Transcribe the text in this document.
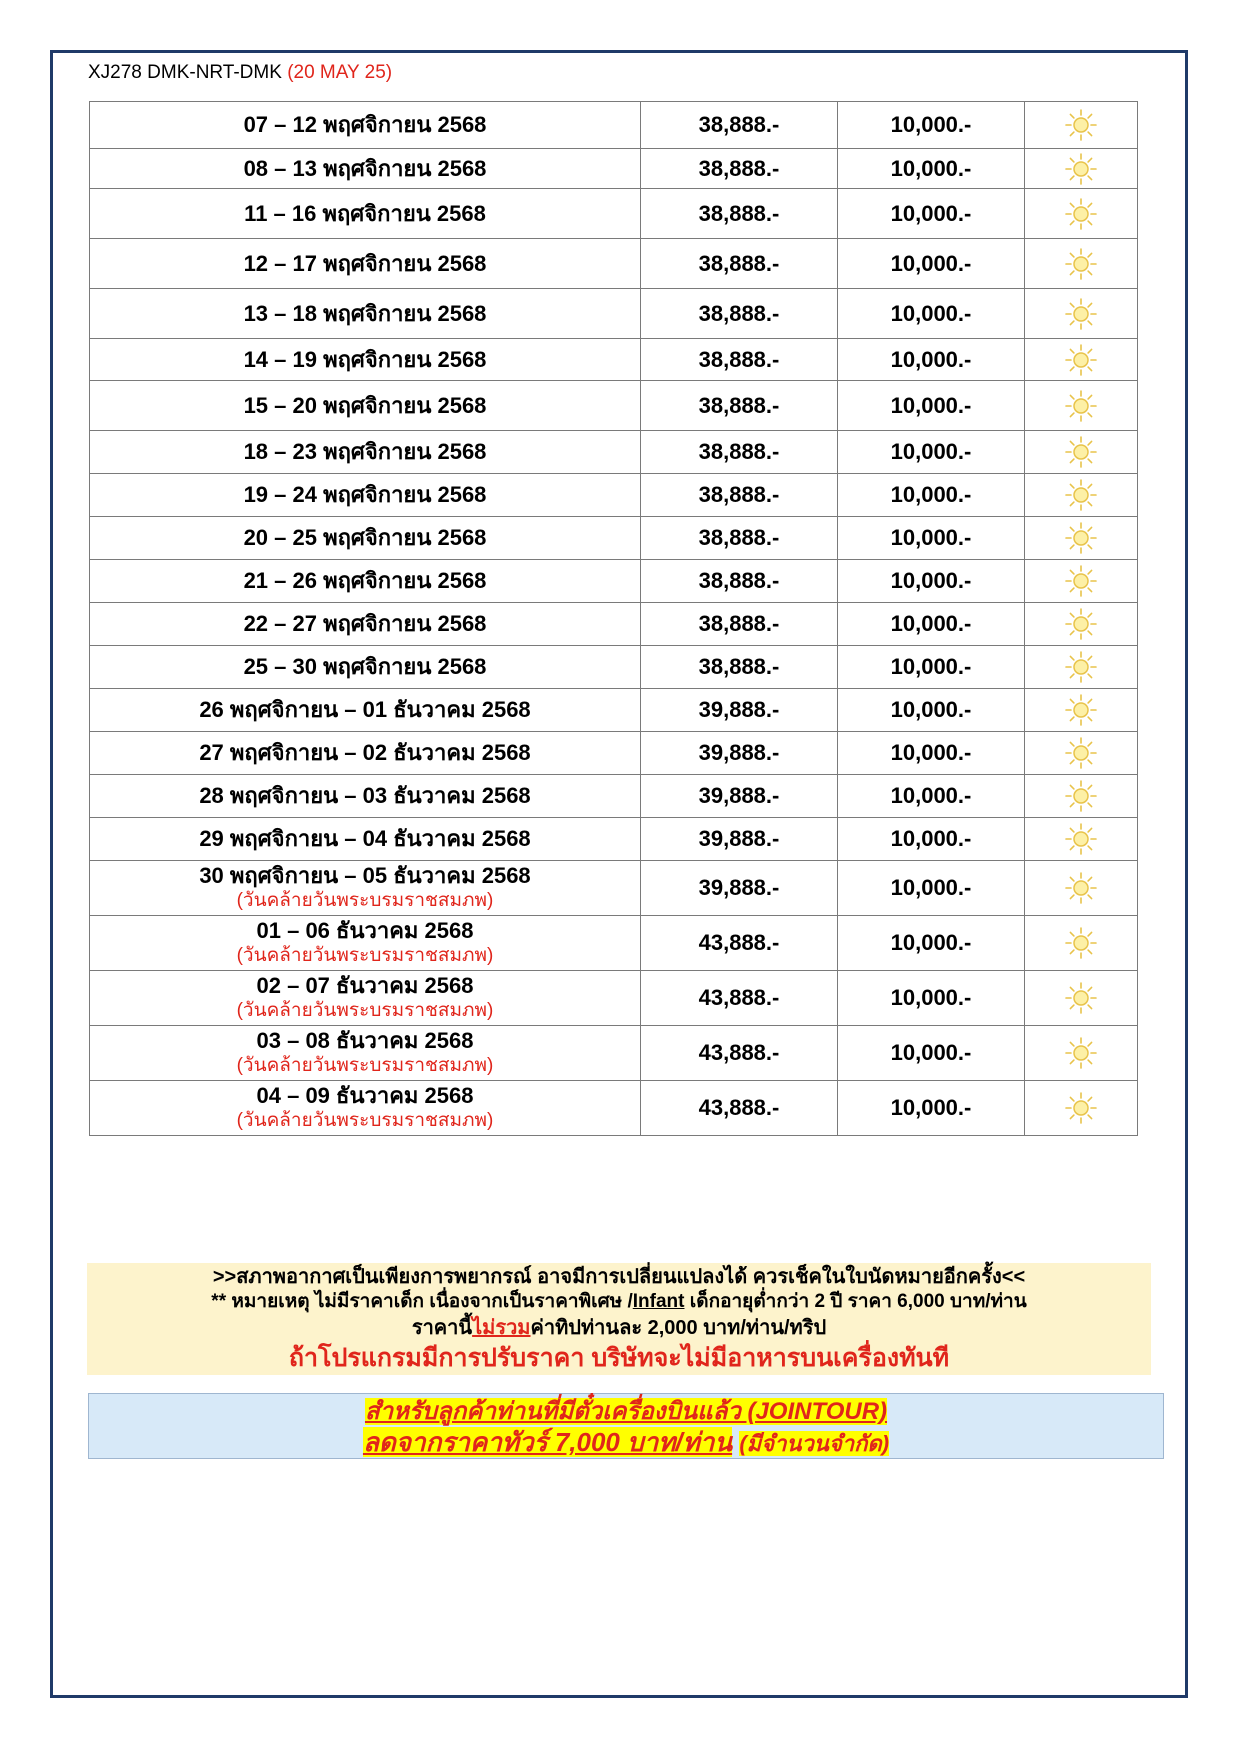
XJ278 DMK-NRT-DMK (20 MAY 25)
07 – 12 พฤศจิกายน 2568	38,888.-	10,000.-	

08 – 13 พฤศจิกายน 2568	38,888.-	10,000.-	

11 – 16 พฤศจิกายน 2568	38,888.-	10,000.-	

12 – 17 พฤศจิกายน 2568	38,888.-	10,000.-	

13 – 18 พฤศจิกายน 2568	38,888.-	10,000.-	

14 – 19 พฤศจิกายน 2568	38,888.-	10,000.-	

15 – 20 พฤศจิกายน 2568	38,888.-	10,000.-	

18 – 23 พฤศจิกายน 2568	38,888.-	10,000.-	

19 – 24 พฤศจิกายน 2568	38,888.-	10,000.-	

20 – 25 พฤศจิกายน 2568	38,888.-	10,000.-	

21 – 26 พฤศจิกายน 2568	38,888.-	10,000.-	

22 – 27 พฤศจิกายน 2568	38,888.-	10,000.-	

25 – 30 พฤศจิกายน 2568	38,888.-	10,000.-	

26 พฤศจิกายน – 01 ธันวาคม 2568	39,888.-	10,000.-	

27 พฤศจิกายน – 02 ธันวาคม 2568	39,888.-	10,000.-	

28 พฤศจิกายน – 03 ธันวาคม 2568	39,888.-	10,000.-	

29 พฤศจิกายน – 04 ธันวาคม 2568	39,888.-	10,000.-	

30 พฤศจิกายน – 05 ธันวาคม 2568
(วันคล้ายวันพระบรมราชสมภพ)	39,888.-	10,000.-	

01 – 06 ธันวาคม 2568
(วันคล้ายวันพระบรมราชสมภพ)	43,888.-	10,000.-	

02 – 07 ธันวาคม 2568
(วันคล้ายวันพระบรมราชสมภพ)	43,888.-	10,000.-	

03 – 08 ธันวาคม 2568
(วันคล้ายวันพระบรมราชสมภพ)	43,888.-	10,000.-	

04 – 09 ธันวาคม 2568
(วันคล้ายวันพระบรมราชสมภพ)	43,888.-	10,000.-	
>>สภาพอากาศเป็นเพียงการพยากรณ์ อาจมีการเปลี่ยนแปลงได้ ควรเช็คในใบนัดหมายอีกครั้ง<<
** หมายเหตุ ไม่มีราคาเด็ก เนื่องจากเป็นราคาพิเศษ /Infant เด็กอายุต่ำกว่า 2 ปี ราคา 6,000 บาท/ท่าน
ราคานี้ไม่รวมค่าทิปท่านละ 2,000 บาท/ท่าน/ทริป
ถ้าโปรแกรมมีการปรับราคา บริษัทจะไม่มีอาหารบนเครื่องทันที
สำหรับลูกค้าท่านที่มีตั๋วเครื่องบินแล้ว (JOINTOUR)
ลดจากราคาทัวร์ 7,000 บาท/ท่าน (มีจำนวนจำกัด)
